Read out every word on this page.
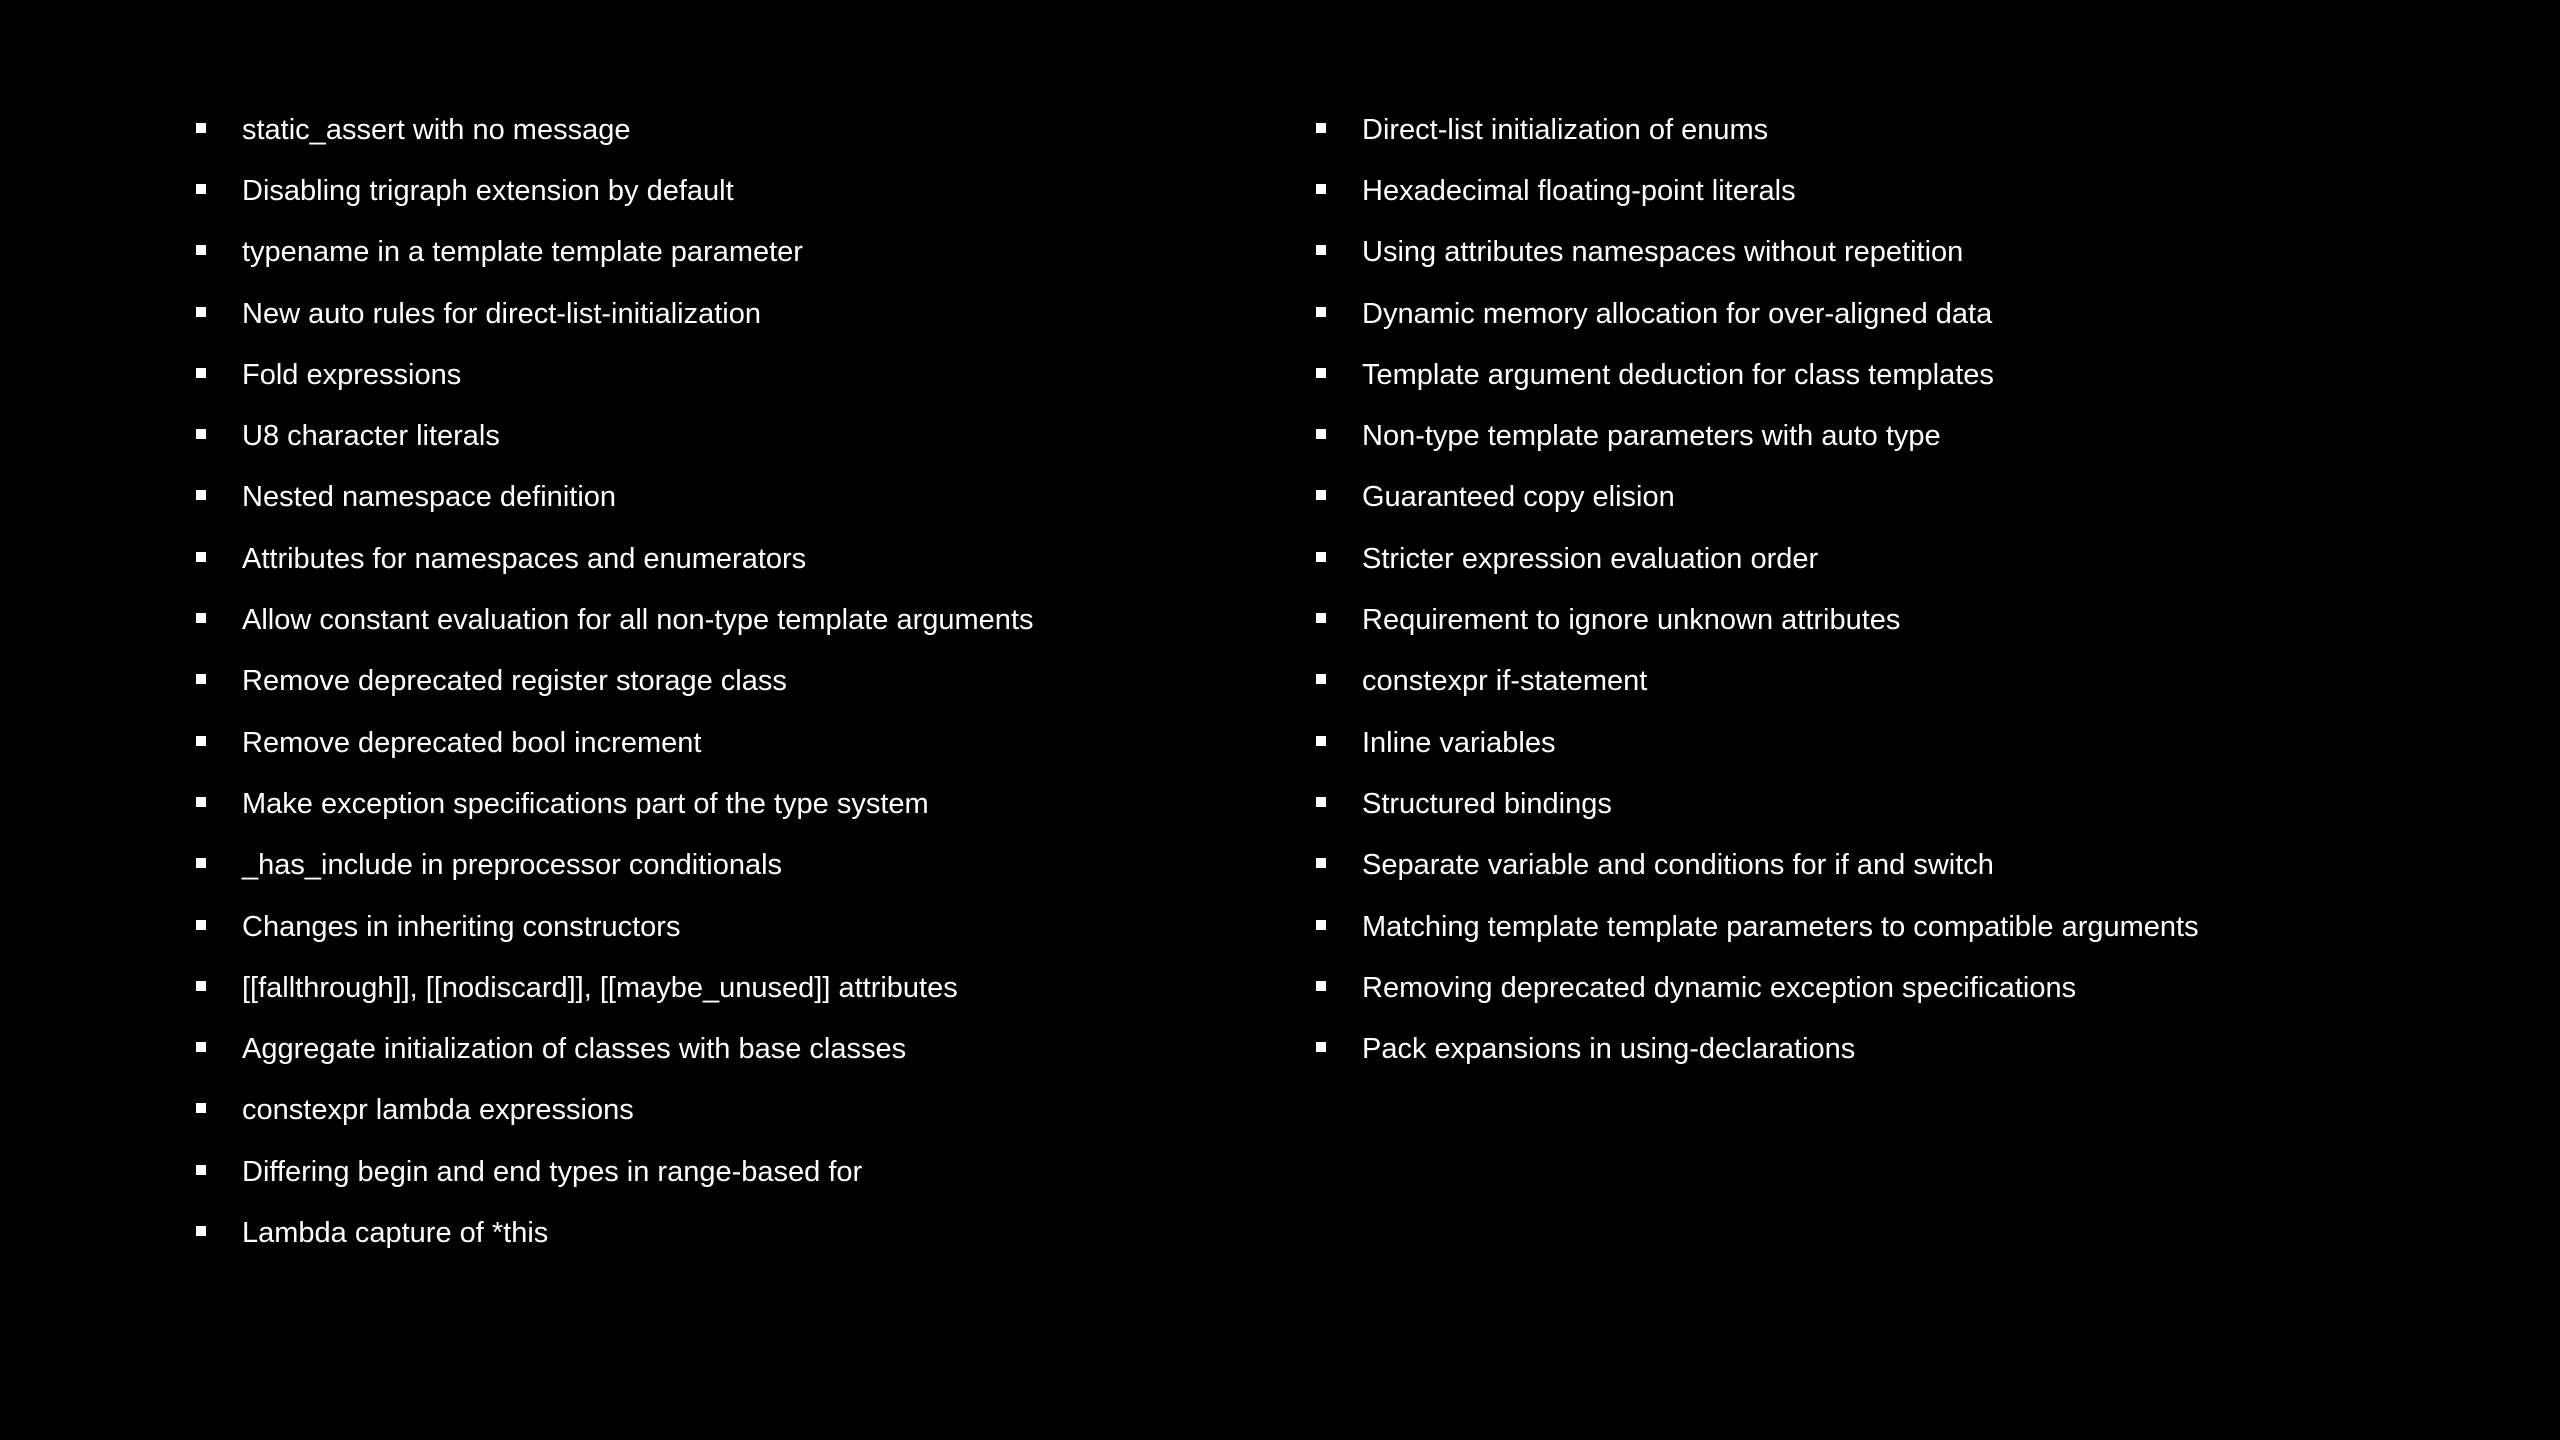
static_assert with no message
Disabling trigraph extension by default
typename in a template template parameter
New auto rules for direct-list-initialization
Fold expressions
U8 character literals
Nested namespace definition
Attributes for namespaces and enumerators
Allow constant evaluation for all non-type template arguments
Remove deprecated register storage class
Remove deprecated bool increment
Make exception specifications part of the type system
_has_include in preprocessor conditionals
Changes in inheriting constructors
[[fallthrough]], [[nodiscard]], [[maybe_unused]] attributes
Aggregate initialization of classes with base classes
constexpr lambda expressions
Differing begin and end types in range-based for
Lambda capture of *this
Direct-list initialization of enums
Hexadecimal floating-point literals
Using attributes namespaces without repetition
Dynamic memory allocation for over-aligned data
Template argument deduction for class templates
Non-type template parameters with auto type
Guaranteed copy elision
Stricter expression evaluation order
Requirement to ignore unknown attributes
constexpr if-statement
Inline variables
Structured bindings
Separate variable and conditions for if and switch
Matching template template parameters to compatible arguments
Removing deprecated dynamic exception specifications
Pack expansions in using-declarations
